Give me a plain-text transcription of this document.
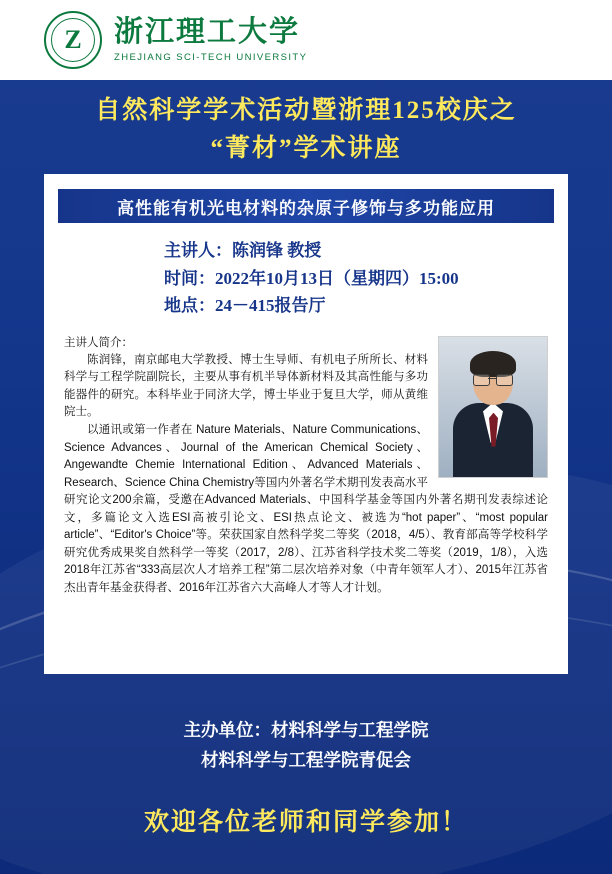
Z 浙江理工大学
ZHEJIANG SCI-TECH UNIVERSITY
自然科学学术活动暨浙理125校庆之
“菁材”学术讲座
高性能有机光电材料的杂原子修饰与多功能应用
主讲人：陈润锋 教授
时间：2022年10月13日（星期四）15:00
地点：24－415报告厅
主讲人简介：

陈润锋，南京邮电大学教授、博士生导师、有机电子所所长、材料科学与工程学院副院长，主要从事有机半导体新材料及其高性能与多功能器件的研究。本科毕业于同济大学，博士毕业于复旦大学，师从黄维院士。

以通讯或第一作者在 Nature Materials、Nature Communications、Science Advances、Journal of the American Chemical Society、Angewandte Chemie International Edition、Advanced Materials、Research、Science China Chemistry等国内外著名学术期刊发表高水平研究论文200余篇，受邀在Advanced Materials、中国科学基金等国内外著名期刊发表综述论文，多篇论文入选ESI高被引论文、ESI热点论文、被选为“hot paper”、“most popular article”、“Editor's Choice”等。荣获国家自然科学奖二等奖（2018，4/5）、教育部高等学校科学研究优秀成果奖自然科学一等奖（2017，2/8）、江苏省科学技术奖二等奖（2019，1/8），入选2018年江苏省“333高层次人才培养工程”第二层次培养对象（中青年领军人才）、2015年江苏省杰出青年基金获得者、2016年江苏省六大高峰人才等人才计划。

主办单位：材料科学与工程学院
材料科学与工程学院青促会
欢迎各位老师和同学参加！
